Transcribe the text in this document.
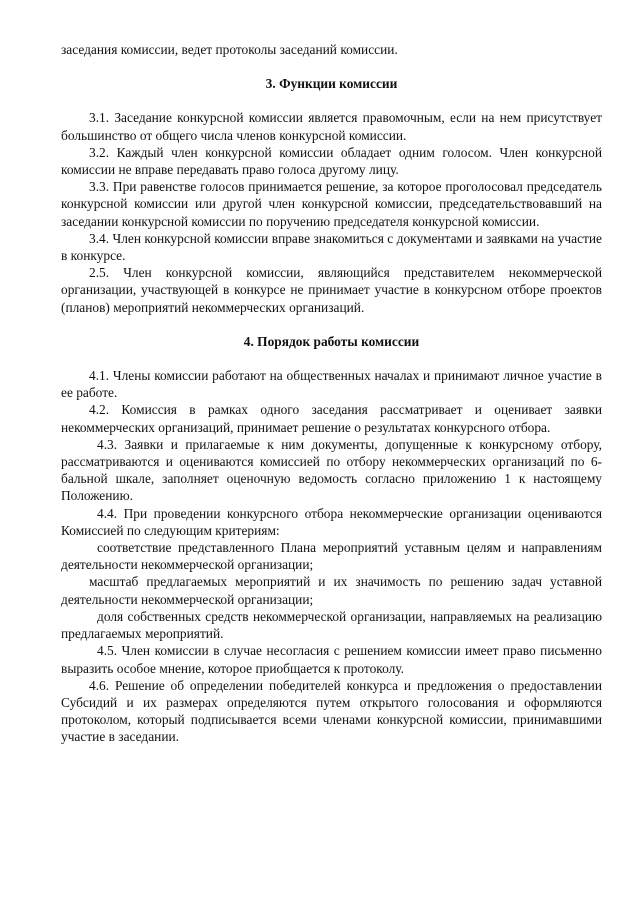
заседания комиссии, ведет протоколы заседаний комиссии.

3. Функции комиссии

3.1. Заседание конкурсной комиссии является правомочным, если на нем присутствует большинство от общего числа членов конкурсной комиссии.

3.2. Каждый член конкурсной комиссии обладает одним голосом. Член конкурсной комиссии не вправе передавать право голоса другому лицу.

3.3. При равенстве голосов принимается решение, за которое проголосовал председатель конкурсной комиссии или другой член конкурсной комиссии, председательствовавший на заседании конкурсной комиссии по поручению председателя конкурсной комиссии.

3.4. Член конкурсной комиссии вправе знакомиться с документами и заявками на участие в конкурсе.

2.5. Член конкурсной комиссии, являющийся представителем некоммерческой организации, участвующей в конкурсе не принимает участие в конкурсном отборе проектов (планов) мероприятий некоммерческих организаций.

4. Порядок работы комиссии

4.1. Члены комиссии работают на общественных началах и принимают личное участие в ее работе.

4.2. Комиссия в рамках одного заседания рассматривает и оценивает заявки некоммерческих организаций, принимает решение о результатах конкурсного отбора.

4.3. Заявки и прилагаемые к ним документы, допущенные к конкурсному отбору, рассматриваются и оцениваются комиссией по отбору некоммерческих организаций по 6-бальной шкале, заполняет оценочную ведомость согласно приложению 1 к настоящему Положению.

4.4. При проведении конкурсного отбора некоммерческие организации оцениваются Комиссией по следующим критериям:

соответствие представленного Плана мероприятий уставным целям и направлениям деятельности некоммерческой организации;

масштаб предлагаемых мероприятий и их значимость по решению задач уставной деятельности некоммерческой организации;

доля собственных средств некоммерческой организации, направляемых на реализацию предлагаемых мероприятий.

4.5. Член комиссии в случае несогласия с решением комиссии имеет право письменно выразить особое мнение, которое приобщается к протоколу.

4.6. Решение об определении победителей конкурса и предложения о предоставлении Субсидий и их размерах определяются путем открытого голосования и оформляются протоколом, который подписывается всеми членами конкурсной комиссии, принимавшими участие в заседании.
